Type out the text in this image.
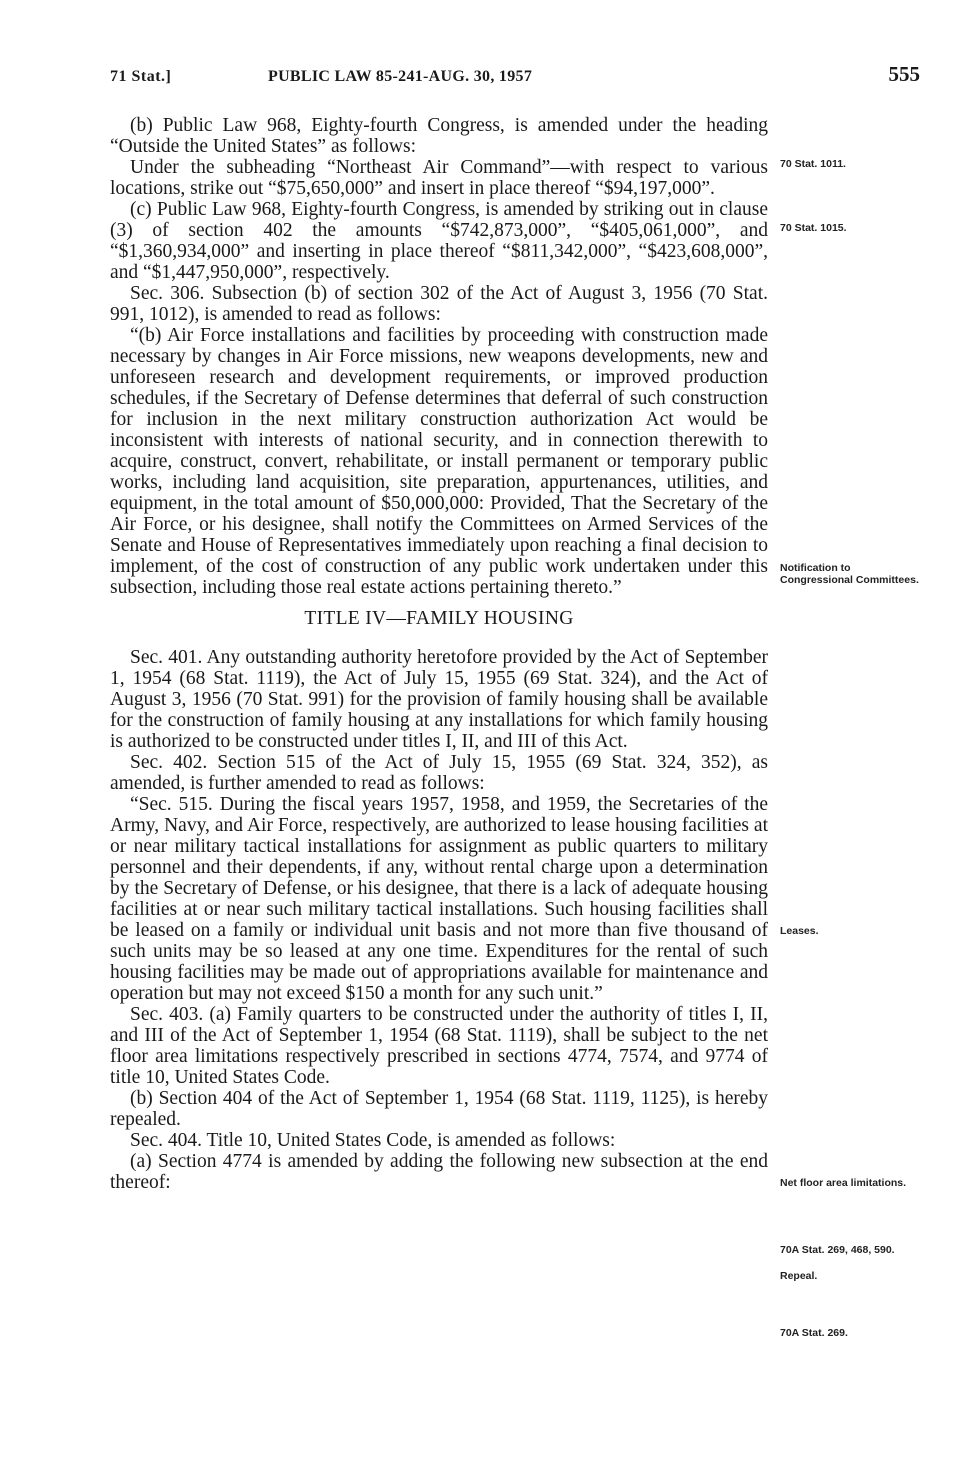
71 Stat.]	PUBLIC LAW 85-241-AUG. 30, 1957	555

(b) Public Law 968, Eighty-fourth Congress, is amended under the heading “Outside the United States” as follows:

Under the subheading “Northeast Air Command”—with respect to various locations, strike out “$75,650,000” and insert in place thereof “$94,197,000”.

(c) Public Law 968, Eighty-fourth Congress, is amended by striking out in clause (3) of section 402 the amounts “$742,873,000”, “$405,061,000”, and “$1,360,934,000” and inserting in place thereof “$811,342,000”, “$423,608,000”, and “$1,447,950,000”, respectively.

Sec. 306. Subsection (b) of section 302 of the Act of August 3, 1956 (70 Stat. 991, 1012), is amended to read as follows:

“(b) Air Force installations and facilities by proceeding with construction made necessary by changes in Air Force missions, new weapons developments, new and unforeseen research and development requirements, or improved production schedules, if the Secretary of Defense determines that deferral of such construction for inclusion in the next military construction authorization Act would be inconsistent with interests of national security, and in connection therewith to acquire, construct, convert, rehabilitate, or install permanent or temporary public works, including land acquisition, site preparation, appurtenances, utilities, and equipment, in the total amount of $50,000,000: Provided, That the Secretary of the Air Force, or his designee, shall notify the Committees on Armed Services of the Senate and House of Representatives immediately upon reaching a final decision to implement, of the cost of construction of any public work undertaken under this subsection, including those real estate actions pertaining thereto.”

TITLE IV—FAMILY HOUSING

Sec. 401. Any outstanding authority heretofore provided by the Act of September 1, 1954 (68 Stat. 1119), the Act of July 15, 1955 (69 Stat. 324), and the Act of August 3, 1956 (70 Stat. 991) for the provision of family housing shall be available for the construction of family housing at any installations for which family housing is authorized to be constructed under titles I, II, and III of this Act.

Sec. 402. Section 515 of the Act of July 15, 1955 (69 Stat. 324, 352), as amended, is further amended to read as follows:

“Sec. 515. During the fiscal years 1957, 1958, and 1959, the Secretaries of the Army, Navy, and Air Force, respectively, are authorized to lease housing facilities at or near military tactical installations for assignment as public quarters to military personnel and their dependents, if any, without rental charge upon a determination by the Secretary of Defense, or his designee, that there is a lack of adequate housing facilities at or near such military tactical installations. Such housing facilities shall be leased on a family or individual unit basis and not more than five thousand of such units may be so leased at any one time. Expenditures for the rental of such housing facilities may be made out of appropriations available for maintenance and operation but may not exceed $150 a month for any such unit.”

Sec. 403. (a) Family quarters to be constructed under the authority of titles I, II, and III of the Act of September 1, 1954 (68 Stat. 1119), shall be subject to the net floor area limitations respectively prescribed in sections 4774, 7574, and 9774 of title 10, United States Code.

(b) Section 404 of the Act of September 1, 1954 (68 Stat. 1119, 1125), is hereby repealed.

Sec. 404. Title 10, United States Code, is amended as follows:

(a) Section 4774 is amended by adding the following new subsection at the end thereof:

70 Stat. 1011.
70 Stat. 1015.
Notification to Congressional Committees.
Leases.
Net floor area limitations.
70A Stat. 269, 468, 590.
Repeal.
70A Stat. 269.
